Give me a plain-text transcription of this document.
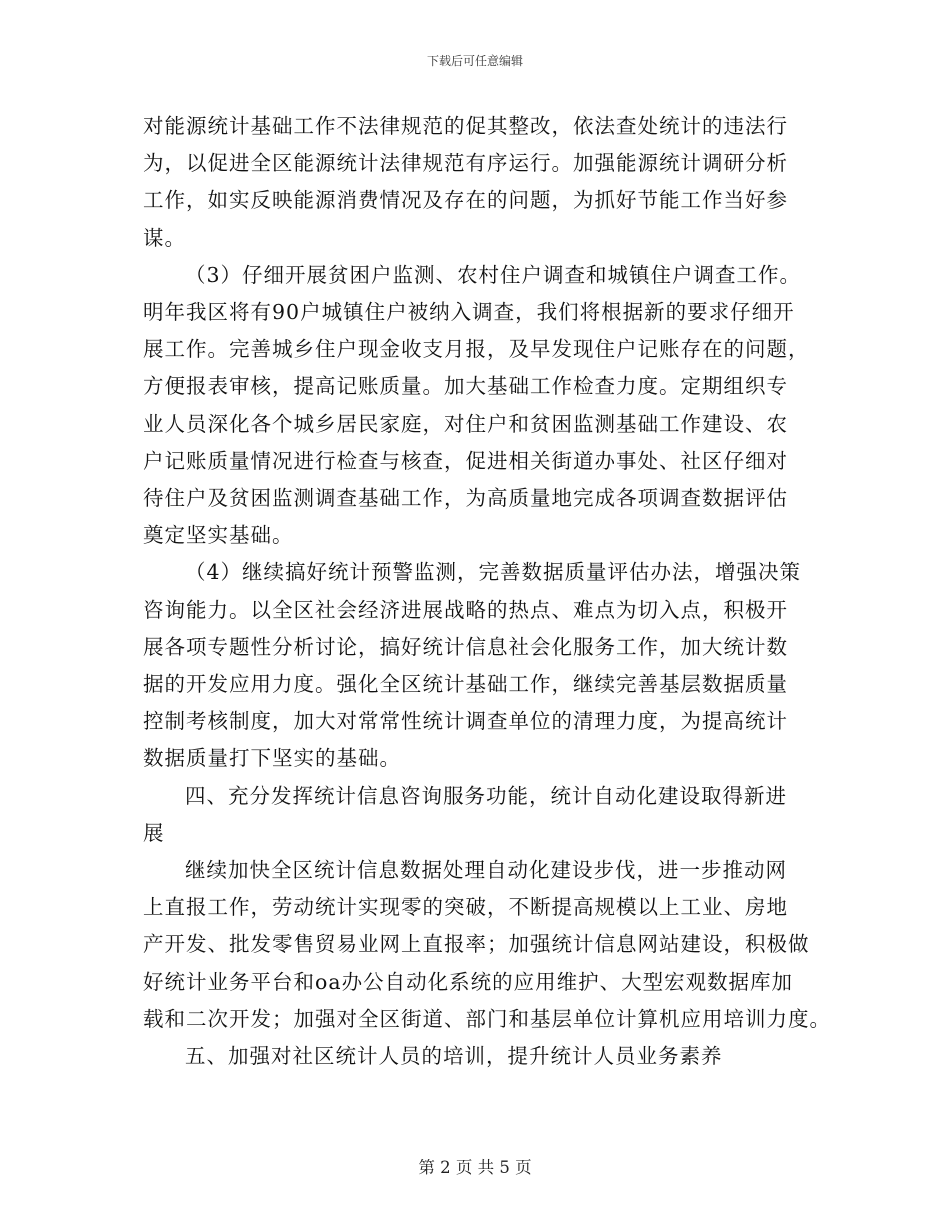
下载后可任意编辑
对能源统计基础工作不法律规范的促其整改，依法查处统计的违法行
为，以促进全区能源统计法律规范有序运行。加强能源统计调研分析
工作，如实反映能源消费情况及存在的问题，为抓好节能工作当好参
谋。
（3）仔细开展贫困户监测、农村住户调查和城镇住户调查工作。
明年我区将有90户城镇住户被纳入调查，我们将根据新的要求仔细开
展工作。完善城乡住户现金收支月报，及早发现住户记账存在的问题，
方便报表审核，提高记账质量。加大基础工作检查力度。定期组织专
业人员深化各个城乡居民家庭，对住户和贫困监测基础工作建设、农
户记账质量情况进行检查与核查，促进相关街道办事处、社区仔细对
待住户及贫困监测调查基础工作，为高质量地完成各项调查数据评估
奠定坚实基础。
（4）继续搞好统计预警监测，完善数据质量评估办法，增强决策
咨询能力。以全区社会经济进展战略的热点、难点为切入点，积极开
展各项专题性分析讨论，搞好统计信息社会化服务工作，加大统计数
据的开发应用力度。强化全区统计基础工作，继续完善基层数据质量
控制考核制度，加大对常常性统计调查单位的清理力度，为提高统计
数据质量打下坚实的基础。
四、充分发挥统计信息咨询服务功能，统计自动化建设取得新进
展
继续加快全区统计信息数据处理自动化建设步伐，进一步推动网
上直报工作，劳动统计实现零的突破，不断提高规模以上工业、房地
产开发、批发零售贸易业网上直报率；加强统计信息网站建设，积极做
好统计业务平台和oa办公自动化系统的应用维护、大型宏观数据库加
载和二次开发；加强对全区街道、部门和基层单位计算机应用培训力度。
五、加强对社区统计人员的培训，提升统计人员业务素养
第 2 页 共 5 页
